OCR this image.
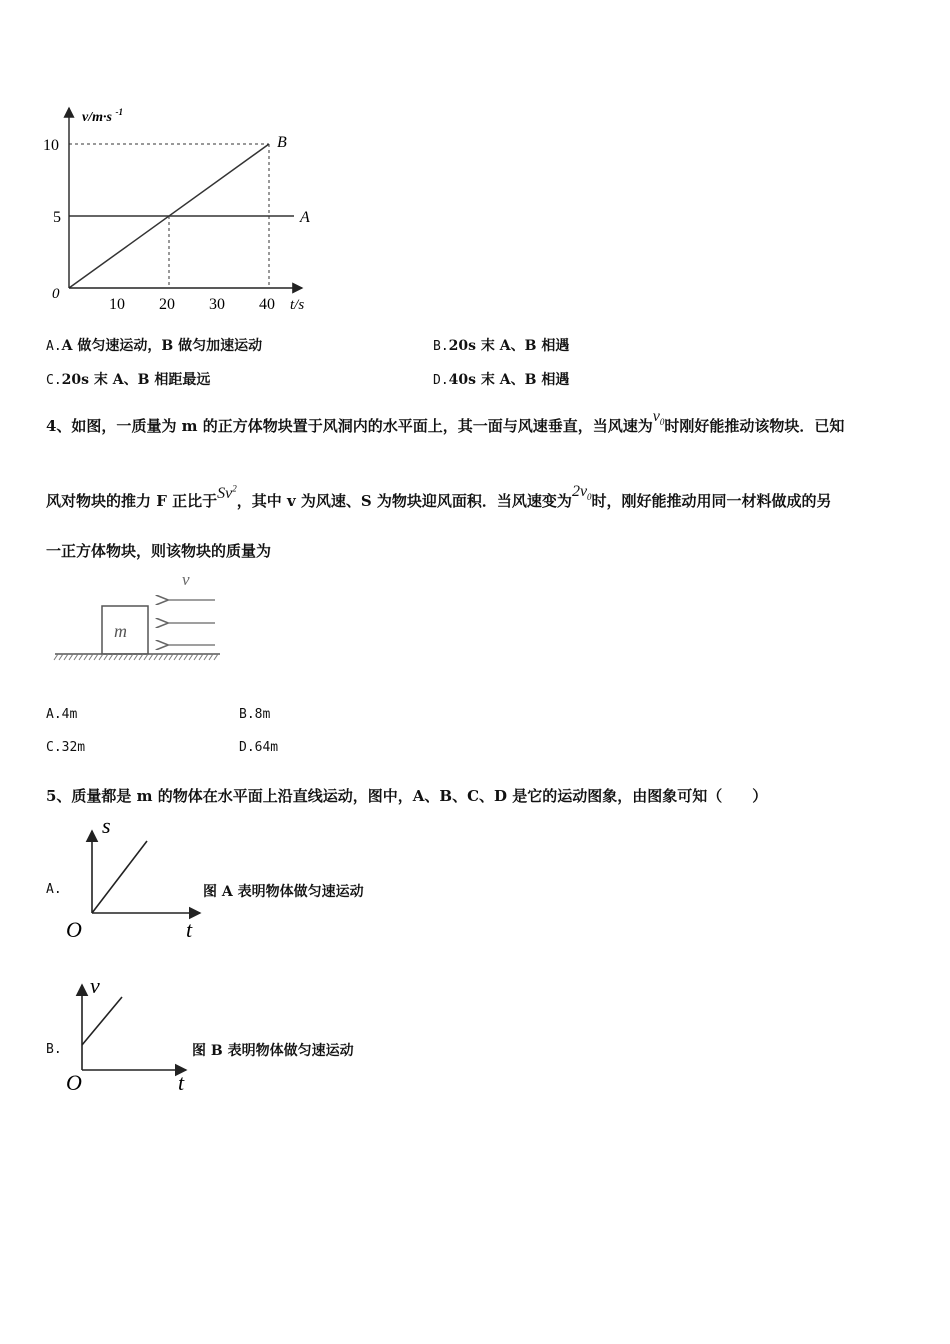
A
B
10 20 30 40
5
10
v/m·s $^{-1}$
t/s
0
A.A 做匀速运动，B 做匀加速运动	B.20s 末 A、B 相遇
C.20s 末 A、B 相距最远	D.40s 末 A、B 相遇
4、如图，一质量为 m 的正方体物块置于风洞内的水平面上，其一面与风速垂直，当风速为$v_0$时刚好能推动该物块．已知
风对物块的推力 F 正比于Sv$^2$，其中 v 为风速、S 为物块迎风面积．当风速变为$2v_0$时，刚好能推动用同一材料做成的另
一正方体物块，则该物块的质量为
v
m
A.4m	B.8m
C.32m	D.64m
5、质量都是 m 的物体在水平面上沿直线运动，图中，A、B、C、D 是它的运动图象，由图象可知（　　）
A.
s
t
O
图 A 表明物体做匀速运动
B.
v
t
O
图 B 表明物体做匀速运动
